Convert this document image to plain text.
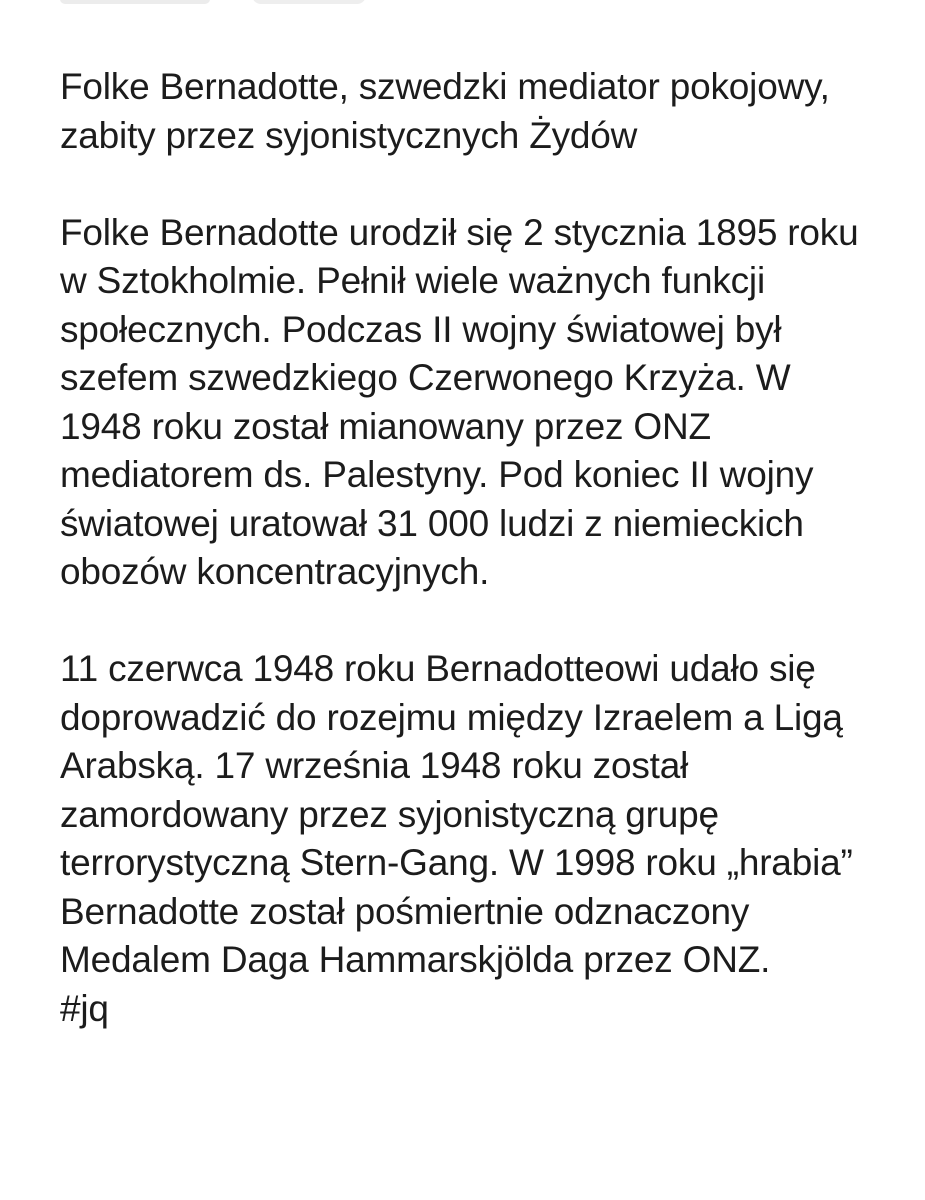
Folke Bernadotte, szwedzki mediator pokojowy, zabity przez syjonistycznych Żydów

Folke Bernadotte urodził się 2 stycznia 1895 roku w Sztokholmie. Pełnił wiele ważnych funkcji społecznych. Podczas II wojny światowej był szefem szwedzkiego Czerwonego Krzyża. W 1948 roku został mianowany przez ONZ mediatorem ds. Palestyny. Pod koniec II wojny światowej uratował 31 000 ludzi z niemieckich obozów koncentracyjnych.

11 czerwca 1948 roku Bernadotteowi udało się doprowadzić do rozejmu między Izraelem a Ligą Arabską. 17 września 1948 roku został zamordowany przez syjonistyczną grupę terrorystyczną Stern-Gang. W 1998 roku „hrabia” Bernadotte został pośmiertnie odznaczony Medalem Daga Hammarskjölda przez ONZ.
#jq
